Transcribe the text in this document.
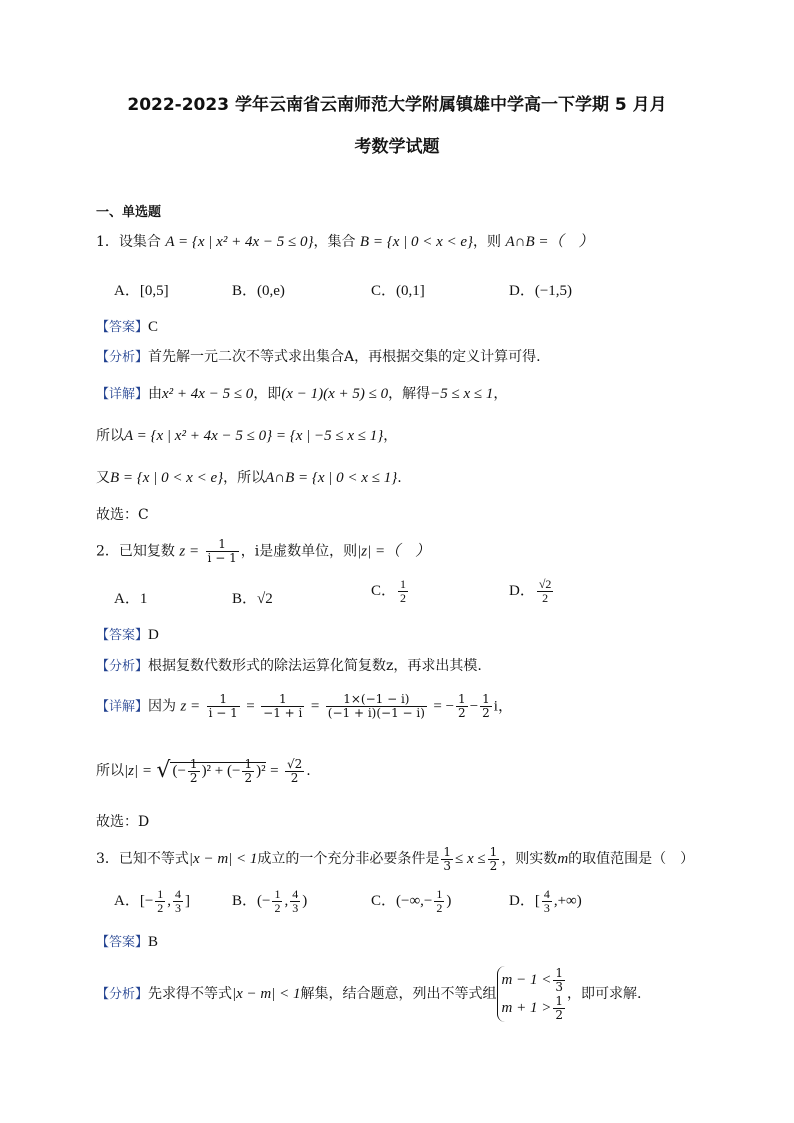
2022-2023 学年云南省云南师范大学附属镇雄中学高一下学期 5 月月
考数学试题
一、单选题
1．设集合 A = {x | x² + 4x − 5 ≤ 0}，集合 B = {x | 0 < x < e}，则 A∩B =（　）
A．[0,5]	B．(0,e)	C．(0,1]	D．(−1,5)
【答案】C
【分析】首先解一元二次不等式求出集合A，再根据交集的定义计算可得.
【详解】由x² + 4x − 5 ≤ 0，即(x − 1)(x + 5) ≤ 0，解得−5 ≤ x ≤ 1，
所以A = {x | x² + 4x − 5 ≤ 0} = {x | −5 ≤ x ≤ 1}，
又B = {x | 0 < x < e}，所以A∩B = {x | 0 < x ≤ 1}.
故选：C
2．已知复数 $z = \frac{1}{i - 1}$ ，i是虚数单位，则|z| =（　）
A．1	B．√2
C． $\frac{1}{2}$	D． $\frac{√2}{2}$
【答案】D
【分析】根据复数代数形式的除法运算化简复数z，再求出其模.
【详解】因为 $z = \frac{1}{i - 1} = \frac{1}{-1 + i} = \frac{1\times(-1 - i)}{(-1 + i)(-1 - i)}$ = − $\frac{1}{2} - \frac{1}{2}$ i，
所以|z| = √ (− $\frac{1}{2} )^2$ + (− $\frac{1}{2} )^2 = \frac{√2}{2}$ .
故选：D
3．已知不等式|x − m| < 1成立的一个充分非必要条件是 $\frac{1}{3} \le x \le \frac{1}{2}$ ，则实数m的取值范围是（　）
A．[− $\frac{1}{2}$ , $\frac{4}{3}$ ]	B．(− $\frac{1}{2}$ , $\frac{4}{3}$ )	C．(−∞,− $\frac{1}{2}$ )	D．[ $\frac{4}{3}$ ,+∞)
【答案】B
【分析】先求得不等式|x − m| < 1解集，结合题意，列出不等式组
$m - 1 < \frac{1}{3}$
$m + 1 > \frac{1}{2}$
，即可求解.
